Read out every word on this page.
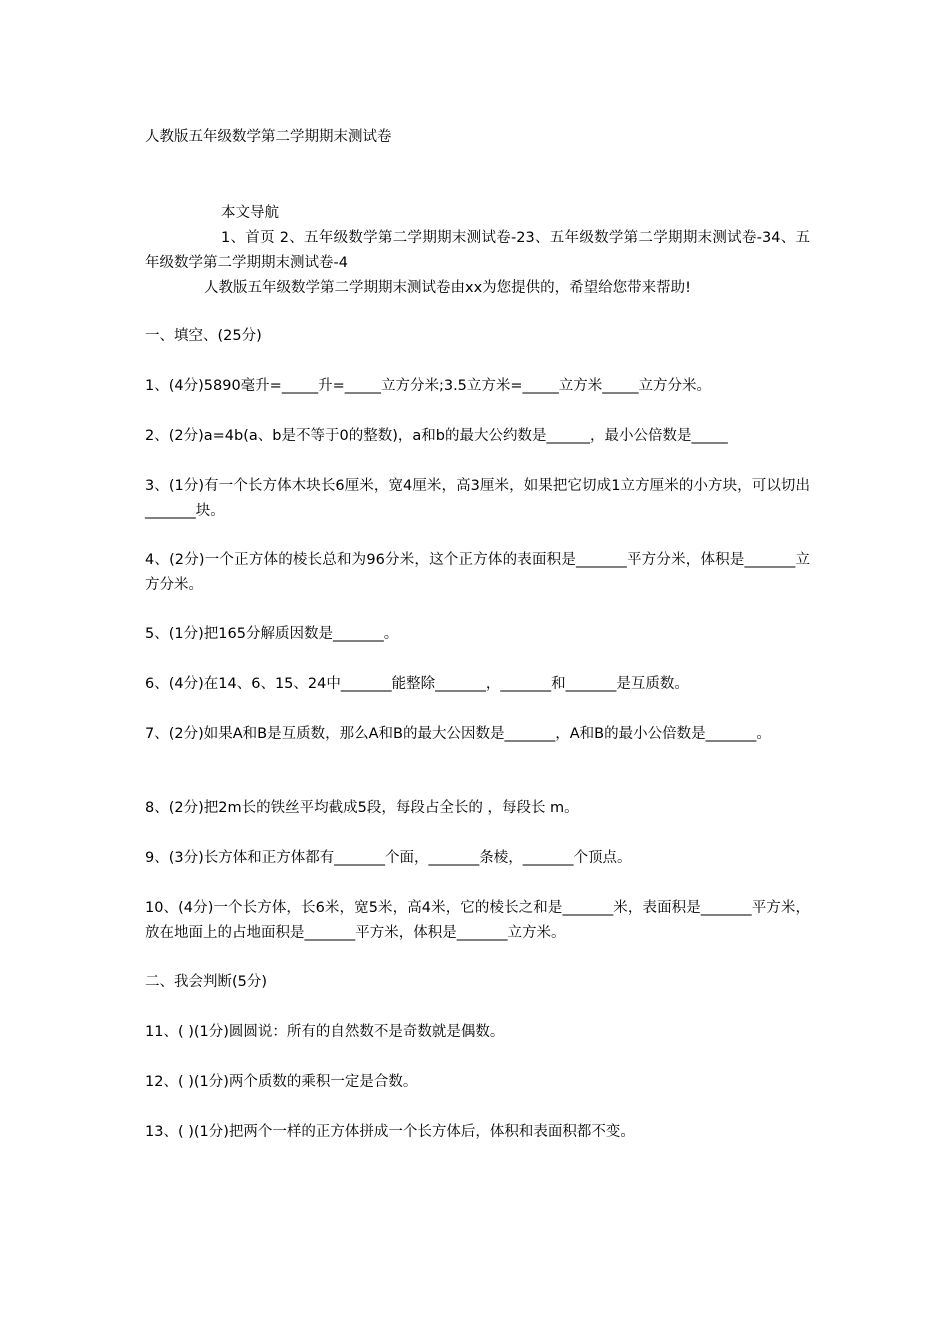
人教版五年级数学第二学期期末测试卷
本文导航
1、首页 2、五年级数学第二学期期末测试卷-23、五年级数学第二学期期末测试卷-34、五年级数学第二学期期末测试卷-4
人教版五年级数学第二学期期末测试卷由xx为您提供的，希望给您带来帮助!
一、填空、(25分)
1、(4分)5890毫升=_____升=_____立方分米;3.5立方米=_____立方米_____立方分米。
2、(2分)a=4b(a、b是不等于0的整数)，a和b的最大公约数是______，最小公倍数是_____
3、(1分)有一个长方体木块长6厘米，宽4厘米，高3厘米，如果把它切成1立方厘米的小方块，可以切出_______块。
4、(2分)一个正方体的棱长总和为96分米，这个正方体的表面积是_______平方分米，体积是_______立方分米。
5、(1分)把165分解质因数是_______。
6、(4分)在14、6、15、24中_______能整除_______，_______和_______是互质数。
7、(2分)如果A和B是互质数，那么A和B的最大公因数是_______，A和B的最小公倍数是_______。
8、(2分)把2m长的铁丝平均截成5段，每段占全长的 ，每段长 m。
9、(3分)长方体和正方体都有_______个面，_______条棱，_______个顶点。
10、(4分)一个长方体，长6米，宽5米，高4米，它的棱长之和是_______米，表面积是_______平方米，放在地面上的占地面积是_______平方米，体积是_______立方米。
二、我会判断(5分)
11、( )(1分)圆圆说：所有的自然数不是奇数就是偶数。
12、( )(1分)两个质数的乘积一定是合数。
13、( )(1分)把两个一样的正方体拼成一个长方体后，体积和表面积都不变。
